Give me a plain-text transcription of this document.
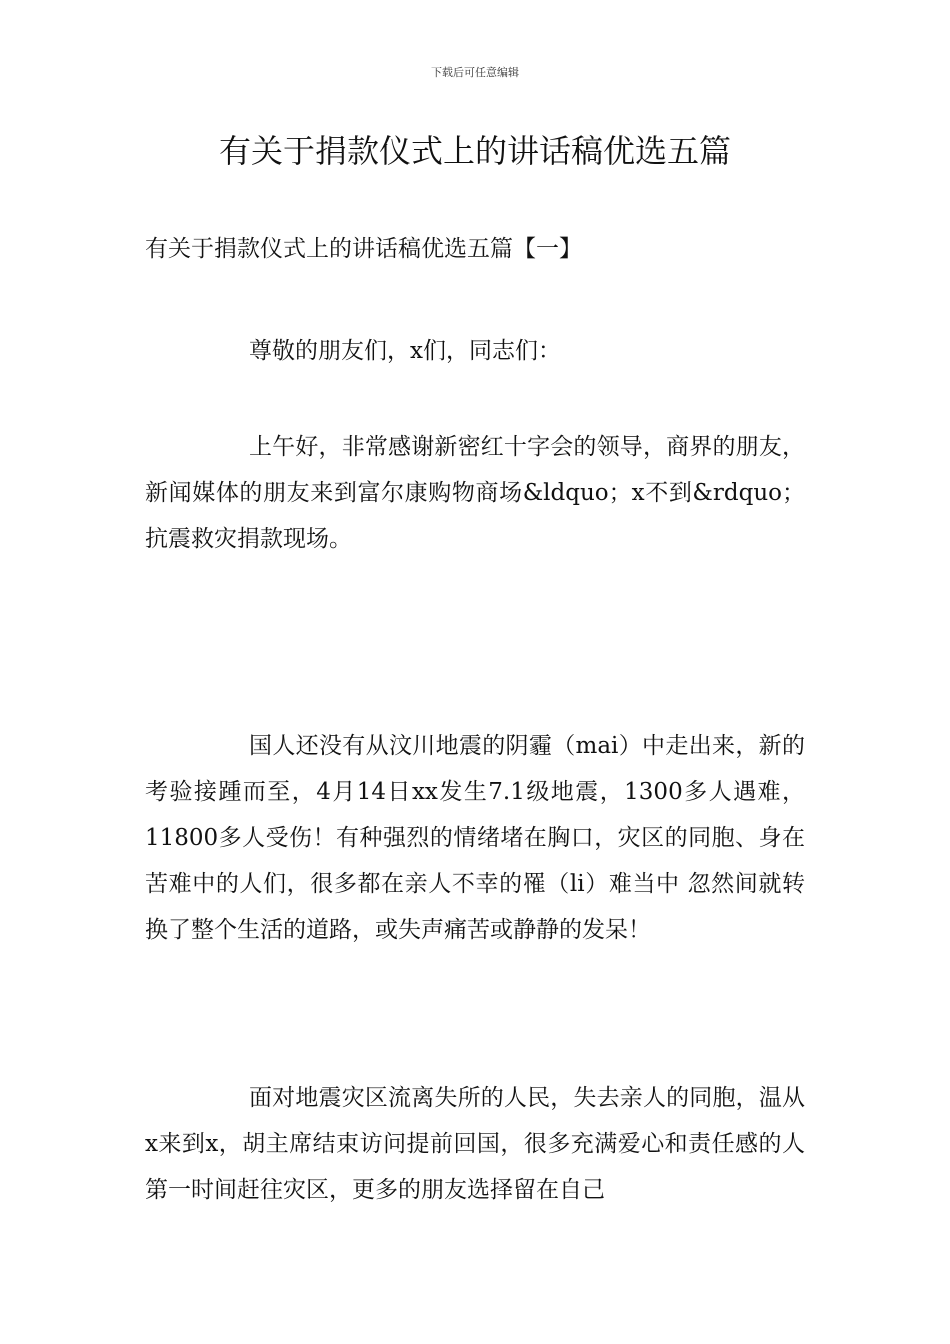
下载后可任意编辑
有关于捐款仪式上的讲话稿优选五篇
有关于捐款仪式上的讲话稿优选五篇【一】

尊敬的朋友们，x们，同志们：

上午好，非常感谢新密红十字会的领导，商界的朋友，新闻媒体的朋友来到富尔康购物商场&ldquo；x不到&rdquo；抗震救灾捐款现场。

国人还没有从汶川地震的阴霾（mai）中走出来，新的考验接踵而至，4月14日xx发生7.1级地震，1300多人遇难，11800多人受伤！有种强烈的情绪堵在胸口，灾区的同胞、身在苦难中的人们，很多都在亲人不幸的罹（li）难当中 忽然间就转换了整个生活的道路，或失声痛苦或静静的发呆！

面对地震灾区流离失所的人民，失去亲人的同胞，温从x来到x，胡主席结束访问提前回国，很多充满爱心和责任感的人第一时间赶往灾区，更多的朋友选择留在自己
